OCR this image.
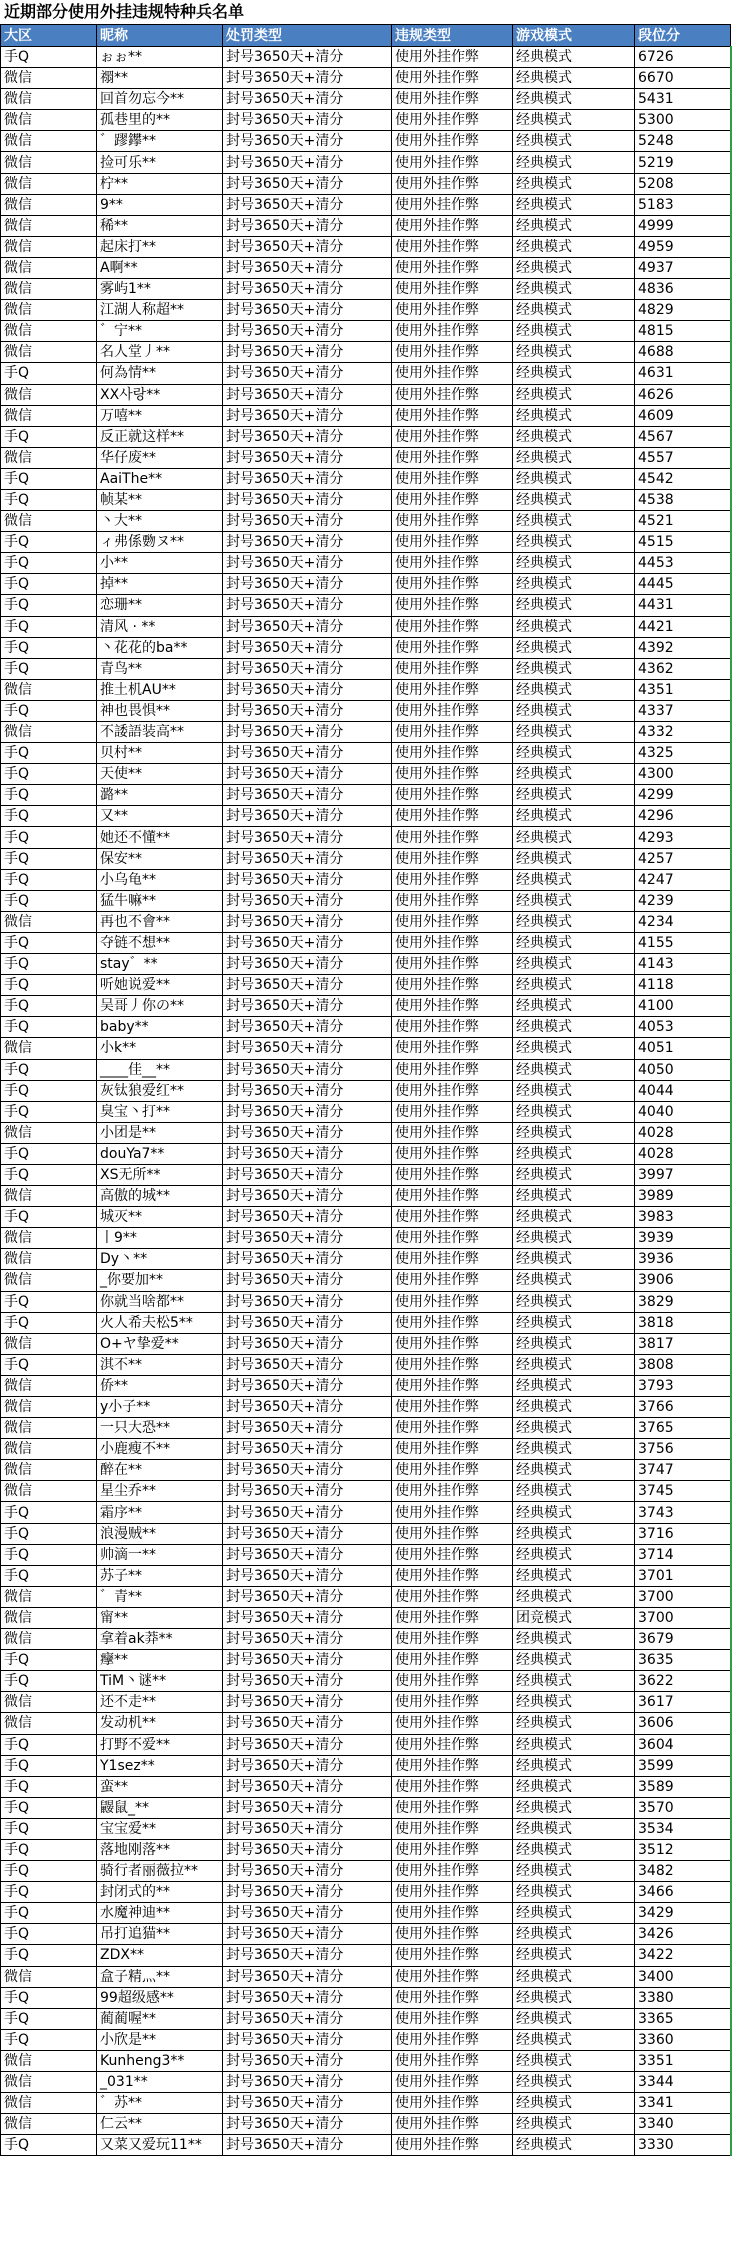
近期部分使用外挂违规特种兵名单
大区	昵称	处罚类型	违规类型	游戏模式	段位分
手Q	ぉぉ**	封号3650天+清分	使用外挂作弊	经典模式	6726
微信	禤**	封号3650天+清分	使用外挂作弊	经典模式	6670
微信	回首勿忘今**	封号3650天+清分	使用外挂作弊	经典模式	5431
微信	孤巷里的**	封号3650天+清分	使用外挂作弊	经典模式	5300
微信	゛蹘鑻**	封号3650天+清分	使用外挂作弊	经典模式	5248
微信	捡可乐**	封号3650天+清分	使用外挂作弊	经典模式	5219
微信	柠**	封号3650天+清分	使用外挂作弊	经典模式	5208
微信	9**	封号3650天+清分	使用外挂作弊	经典模式	5183
微信	稀**	封号3650天+清分	使用外挂作弊	经典模式	4999
微信	起床打**	封号3650天+清分	使用外挂作弊	经典模式	4959
微信	A啊**	封号3650天+清分	使用外挂作弊	经典模式	4937
微信	雾屿1**	封号3650天+清分	使用外挂作弊	经典模式	4836
微信	江湖人称超**	封号3650天+清分	使用外挂作弊	经典模式	4829
微信	゛宁**	封号3650天+清分	使用外挂作弊	经典模式	4815
微信	名人堂丿**	封号3650天+清分	使用外挂作弊	经典模式	4688
手Q	何為情**	封号3650天+清分	使用外挂作弊	经典模式	4631
微信	XX사랑**	封号3650天+清分	使用外挂作弊	经典模式	4626
微信	万嘻**	封号3650天+清分	使用外挂作弊	经典模式	4609
手Q	反正就这样**	封号3650天+清分	使用外挂作弊	经典模式	4567
微信	华仔废**	封号3650天+清分	使用外挂作弊	经典模式	4557
手Q	AaiThe**	封号3650天+清分	使用外挂作弊	经典模式	4542
手Q	帧某**	封号3650天+清分	使用外挂作弊	经典模式	4538
微信	丶大**	封号3650天+清分	使用外挂作弊	经典模式	4521
手Q	ィ弗係覅ヌ**	封号3650天+清分	使用外挂作弊	经典模式	4515
手Q	小**	封号3650天+清分	使用外挂作弊	经典模式	4453
手Q	掉**	封号3650天+清分	使用外挂作弊	经典模式	4445
手Q	恋珊**	封号3650天+清分	使用外挂作弊	经典模式	4431
手Q	清风 · **	封号3650天+清分	使用外挂作弊	经典模式	4421
手Q	丶花花的ba**	封号3650天+清分	使用外挂作弊	经典模式	4392
手Q	青鸟**	封号3650天+清分	使用外挂作弊	经典模式	4362
微信	推土机AU**	封号3650天+清分	使用外挂作弊	经典模式	4351
手Q	神也畏惧**	封号3650天+清分	使用外挂作弊	经典模式	4337
微信	不諉語装高**	封号3650天+清分	使用外挂作弊	经典模式	4332
手Q	贝村**	封号3650天+清分	使用外挂作弊	经典模式	4325
手Q	天使**	封号3650天+清分	使用外挂作弊	经典模式	4300
手Q	潞**	封号3650天+清分	使用外挂作弊	经典模式	4299
手Q	又**	封号3650天+清分	使用外挂作弊	经典模式	4296
手Q	她还不懂**	封号3650天+清分	使用外挂作弊	经典模式	4293
手Q	保安**	封号3650天+清分	使用外挂作弊	经典模式	4257
手Q	小乌龟**	封号3650天+清分	使用外挂作弊	经典模式	4247
手Q	猛牛嘛**	封号3650天+清分	使用外挂作弊	经典模式	4239
微信	再也不會**	封号3650天+清分	使用外挂作弊	经典模式	4234
手Q	夺链不想**	封号3650天+清分	使用外挂作弊	经典模式	4155
手Q	stay゛**	封号3650天+清分	使用外挂作弊	经典模式	4143
手Q	听她说爱**	封号3650天+清分	使用外挂作弊	经典模式	4118
手Q	吴哥丿你の**	封号3650天+清分	使用外挂作弊	经典模式	4100
手Q	baby**	封号3650天+清分	使用外挂作弊	经典模式	4053
微信	小k**	封号3650天+清分	使用外挂作弊	经典模式	4051
手Q	____佳__**	封号3650天+清分	使用外挂作弊	经典模式	4050
手Q	灰钛狼爱红**	封号3650天+清分	使用外挂作弊	经典模式	4044
手Q	臭宝丶打**	封号3650天+清分	使用外挂作弊	经典模式	4040
微信	小团是**	封号3650天+清分	使用外挂作弊	经典模式	4028
手Q	douYa7**	封号3650天+清分	使用外挂作弊	经典模式	4028
手Q	XS无所**	封号3650天+清分	使用外挂作弊	经典模式	3997
微信	高傲的城**	封号3650天+清分	使用外挂作弊	经典模式	3989
手Q	城灭**	封号3650天+清分	使用外挂作弊	经典模式	3983
微信	丨9**	封号3650天+清分	使用外挂作弊	经典模式	3939
微信	Dy丶**	封号3650天+清分	使用外挂作弊	经典模式	3936
微信	_你要加**	封号3650天+清分	使用外挂作弊	经典模式	3906
手Q	你就当啥都**	封号3650天+清分	使用外挂作弊	经典模式	3829
手Q	火人希夫松5**	封号3650天+清分	使用外挂作弊	经典模式	3818
微信	O+ヤ挚爱**	封号3650天+清分	使用外挂作弊	经典模式	3817
手Q	淇不**	封号3650天+清分	使用外挂作弊	经典模式	3808
微信	侨**	封号3650天+清分	使用外挂作弊	经典模式	3793
微信	y小子**	封号3650天+清分	使用外挂作弊	经典模式	3766
微信	一只大恐**	封号3650天+清分	使用外挂作弊	经典模式	3765
微信	小鹿瘦不**	封号3650天+清分	使用外挂作弊	经典模式	3756
微信	醉在**	封号3650天+清分	使用外挂作弊	经典模式	3747
微信	星尘乔**	封号3650天+清分	使用外挂作弊	经典模式	3745
手Q	霜序**	封号3650天+清分	使用外挂作弊	经典模式	3743
手Q	浪漫贼**	封号3650天+清分	使用外挂作弊	经典模式	3716
手Q	帅滴一**	封号3650天+清分	使用外挂作弊	经典模式	3714
手Q	苏子**	封号3650天+清分	使用外挂作弊	经典模式	3701
微信	゛青**	封号3650天+清分	使用外挂作弊	经典模式	3700
微信	甯**	封号3650天+清分	使用外挂作弊	团竞模式	3700
微信	拿着ak莽**	封号3650天+清分	使用外挂作弊	经典模式	3679
手Q	癴**	封号3650天+清分	使用外挂作弊	经典模式	3635
手Q	TiM丶谜**	封号3650天+清分	使用外挂作弊	经典模式	3622
微信	还不走**	封号3650天+清分	使用外挂作弊	经典模式	3617
微信	发动机**	封号3650天+清分	使用外挂作弊	经典模式	3606
手Q	打野不爱**	封号3650天+清分	使用外挂作弊	经典模式	3604
手Q	Y1sez**	封号3650天+清分	使用外挂作弊	经典模式	3599
手Q	蛮**	封号3650天+清分	使用外挂作弊	经典模式	3589
手Q	鼹鼠_**	封号3650天+清分	使用外挂作弊	经典模式	3570
手Q	宝宝爱**	封号3650天+清分	使用外挂作弊	经典模式	3534
手Q	落地刚落**	封号3650天+清分	使用外挂作弊	经典模式	3512
手Q	骑行者丽薇拉**	封号3650天+清分	使用外挂作弊	经典模式	3482
手Q	封闭式的**	封号3650天+清分	使用外挂作弊	经典模式	3466
手Q	水魔神迪**	封号3650天+清分	使用外挂作弊	经典模式	3429
手Q	吊打追猫**	封号3650天+清分	使用外挂作弊	经典模式	3426
手Q	ZDX**	封号3650天+清分	使用外挂作弊	经典模式	3422
微信	盒子精灬**	封号3650天+清分	使用外挂作弊	经典模式	3400
手Q	99超级感**	封号3650天+清分	使用外挂作弊	经典模式	3380
手Q	蔺蔺喔**	封号3650天+清分	使用外挂作弊	经典模式	3365
手Q	小欣是**	封号3650天+清分	使用外挂作弊	经典模式	3360
微信	Kunheng3**	封号3650天+清分	使用外挂作弊	经典模式	3351
微信	_031**	封号3650天+清分	使用外挂作弊	经典模式	3344
微信	゛苏**	封号3650天+清分	使用外挂作弊	经典模式	3341
微信	仁云**	封号3650天+清分	使用外挂作弊	经典模式	3340
手Q	又菜又爱玩11**	封号3650天+清分	使用外挂作弊	经典模式	3330
